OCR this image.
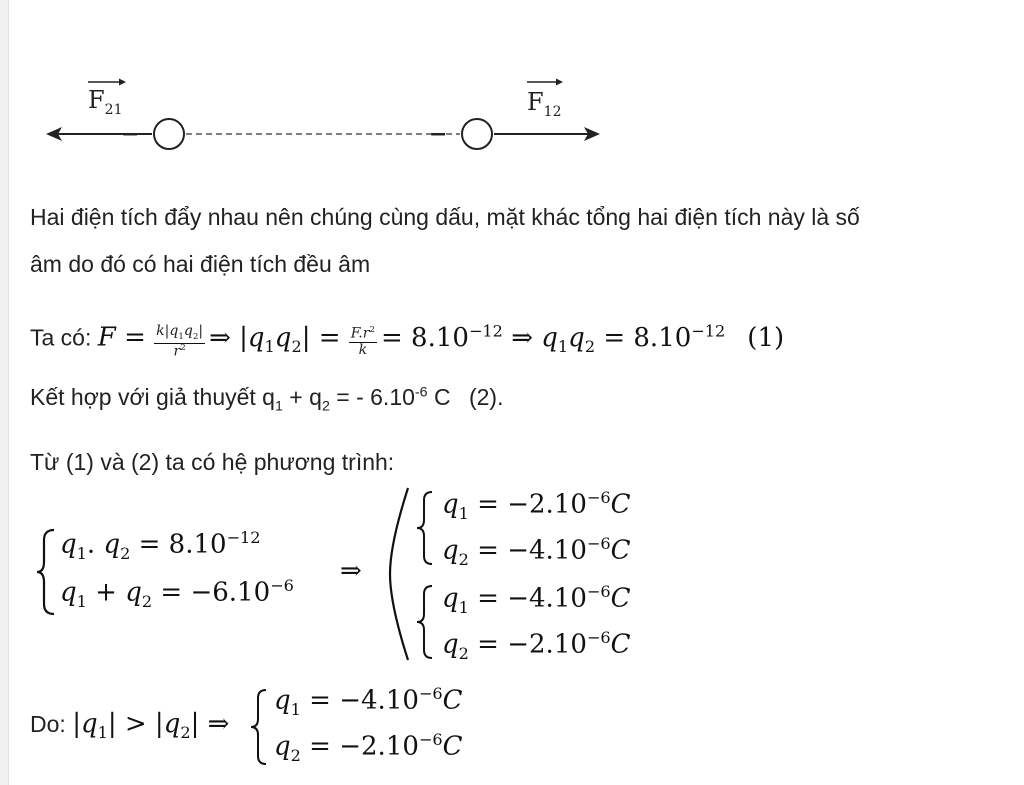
−	−
$F_{21}$	$F_{12}$
Hai điện tích đẩy nhau nên chúng cùng dấu, mặt khác tổng hai điện tích này là số
âm do đó có hai điện tích đều âm
Ta có: $F = \frac{k|q_1q_2|}{r^2}$ ⇒ $|q_1q_2| = \frac{F.r^2}{k} = 8.10^{-12}$ ⇒ $q_1q_2 = 8.10^{-12}$ (1)
Kết hợp với giả thuyết $q_1 + q_2$ = - $6.10^{-6}$ C (2).
Từ (1) và (2) ta có hệ phương trình:
$q_1$. $q_2 = 8.10^{-12}$
$q_1 + q_2 = -6.10^{-6}$ ⇒
$q_1 = -2.10^{-6}C$
$q_2 = -4.10^{-6}C$
$q_1 = -4.10^{-6}C$
$q_2 = -2.10^{-6}C$
Do: $|q_1| > |q_2|$ ⇒
$q_1 = -4.10^{-6}C$
$q_2 = -2.10^{-6}C$
